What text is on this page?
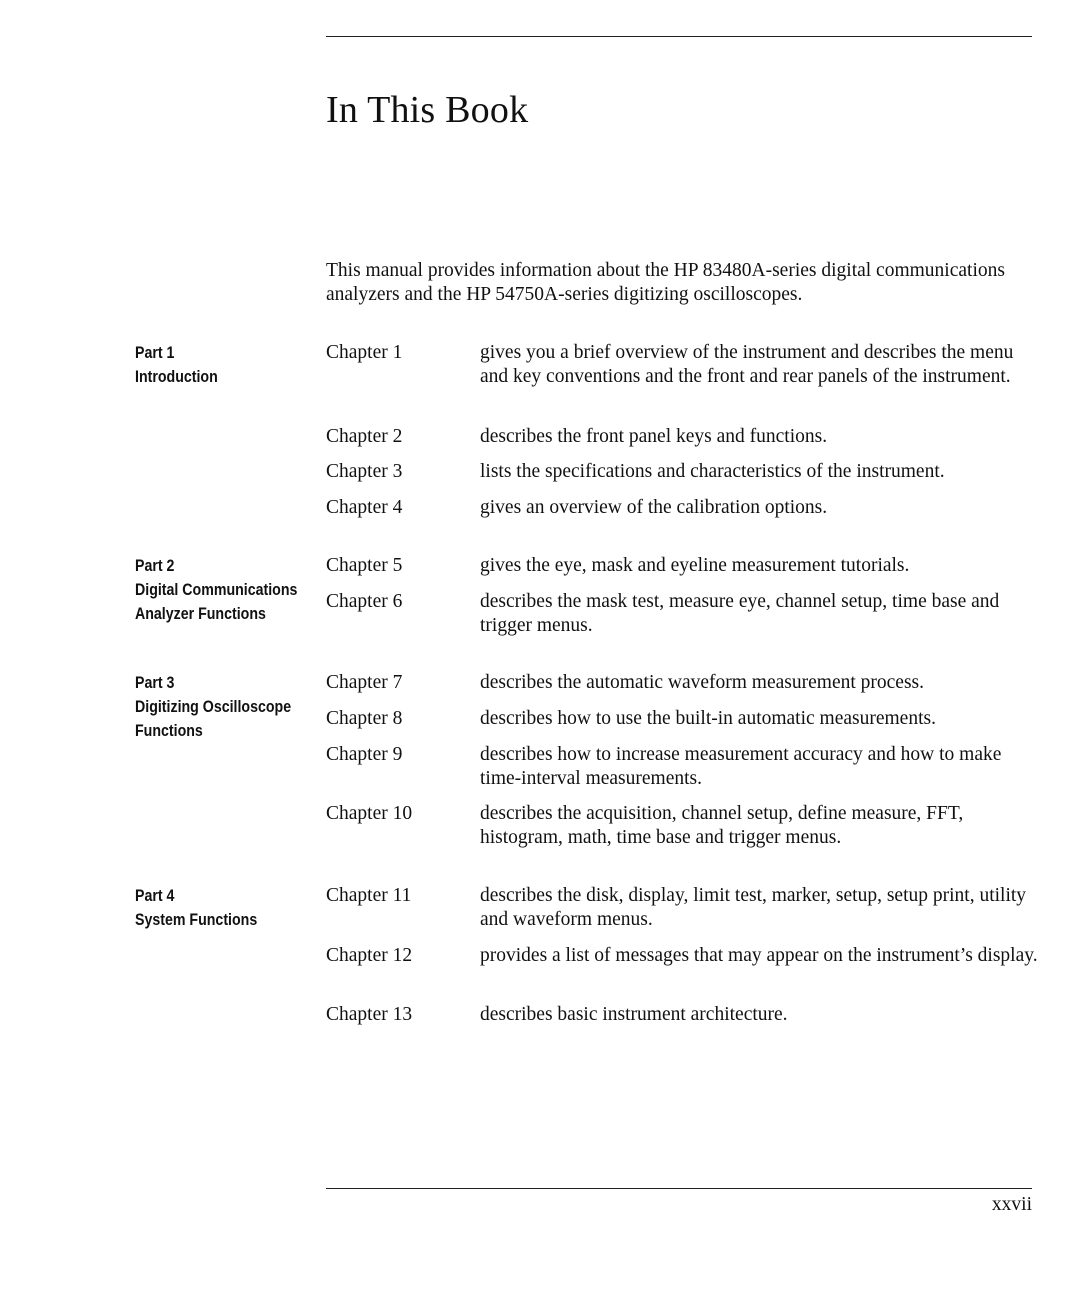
In This Book

This manual provides information about the HP 83480A-series digital communications analyzers and the HP 54750A-series digitizing oscilloscopes.

Part 1
Introduction
Chapter 1	gives you a brief overview of the instrument and describes the menu and key conventions and the front and rear panels of the instrument.
Chapter 2	describes the front panel keys and functions.
Chapter 3	lists the specifications and characteristics of the instrument.
Chapter 4	gives an overview of the calibration options.
Part 2
Digital Communications
Analyzer Functions
Chapter 5	gives the eye, mask and eyeline measurement tutorials.
Chapter 6	describes the mask test, measure eye, channel setup, time base and trigger menus.
Part 3
Digitizing Oscilloscope
Functions
Chapter 7	describes the automatic waveform measurement process.
Chapter 8	describes how to use the built-in automatic measurements.
Chapter 9	describes how to increase measurement accuracy and how to make time-interval measurements.
Chapter 10	describes the acquisition, channel setup, define measure, FFT, histogram, math, time base and trigger menus.
Part 4
System Functions
Chapter 11	describes the disk, display, limit test, marker, setup, setup print, utility and waveform menus.
Chapter 12	provides a list of messages that may appear on the instrument’s display.
Chapter 13	describes basic instrument architecture.
xxvii
